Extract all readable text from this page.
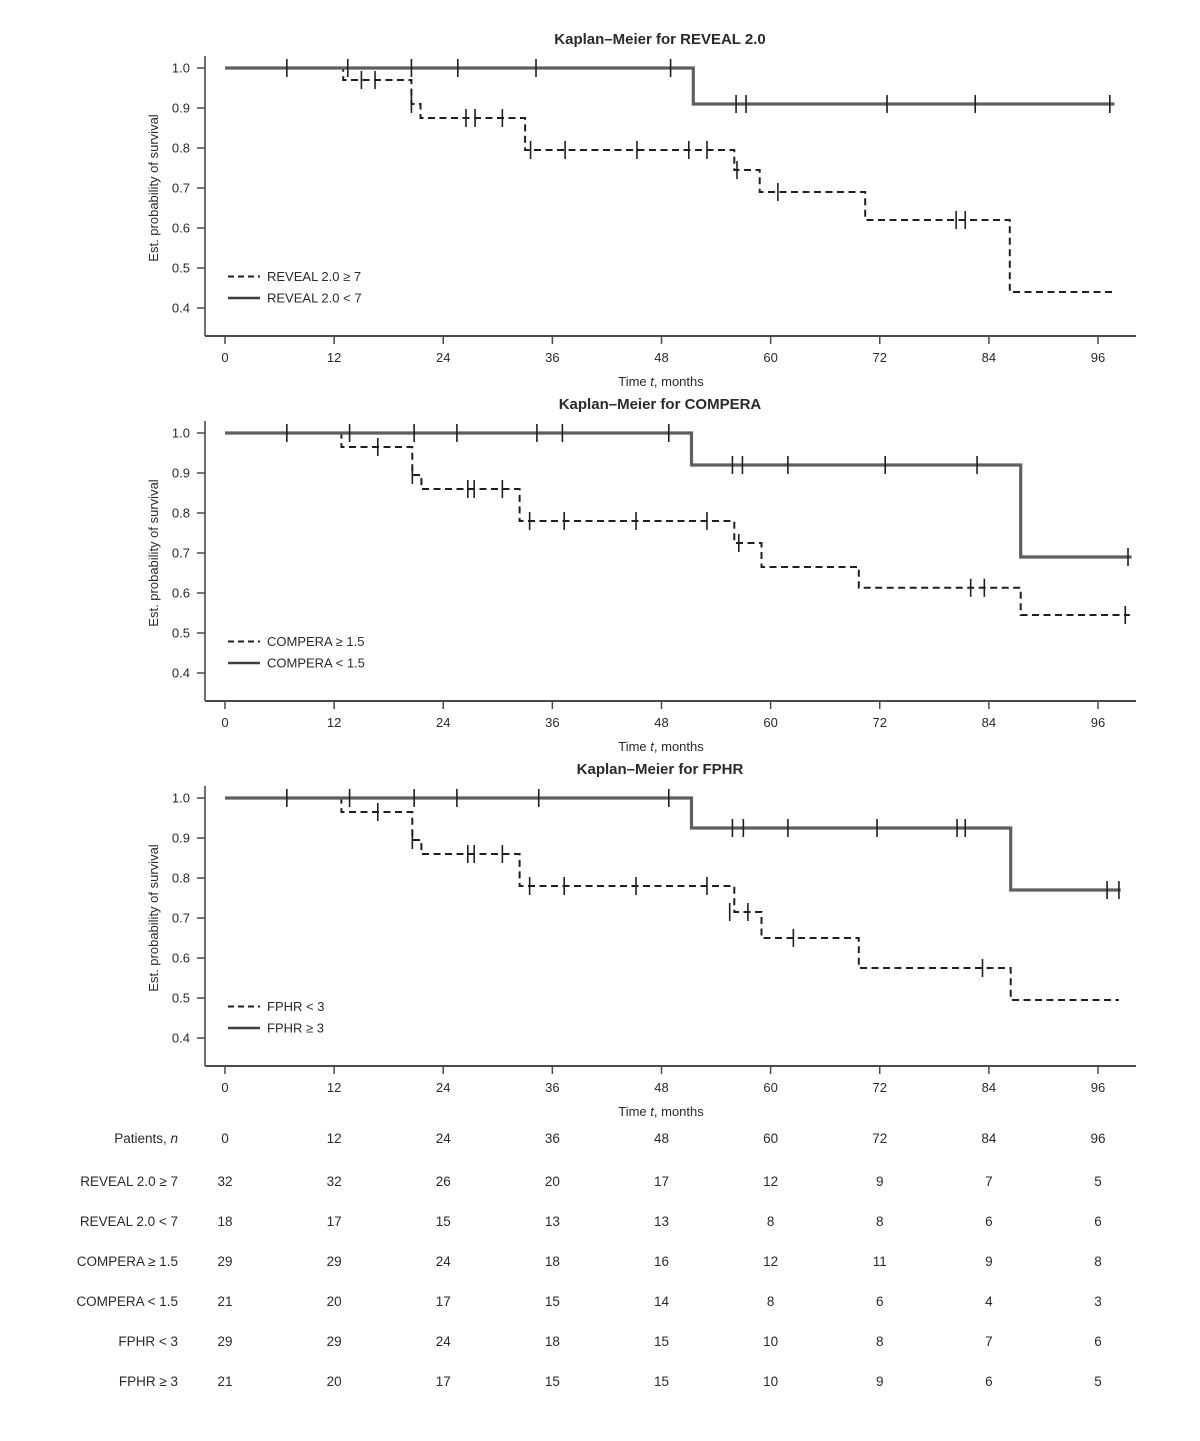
Kaplan–Meier for REVEAL 2.0
1.0
0.9
0.8
0.7
0.6
0.5
0.4
0	12	24	36	48	60	72	84	96
Time t, months
Est. probability of survival
REVEAL 2.0 ≥ 7
REVEAL 2.0 < 7
Kaplan–Meier for COMPERA
1.0
0.9
0.8
0.7
0.6
0.5
0.4
0	12	24	36	48	60	72	84	96
Time t, months
Est. probability of survival
COMPERA ≥ 1.5
COMPERA < 1.5
Kaplan–Meier for FPHR
1.0
0.9
0.8
0.7
0.6
0.5
0.4
0	12	24	36	48	60	72	84	96
Time t, months
Est. probability of survival
FPHR < 3
FPHR ≥ 3
Patients, n	0	12	24	36	48	60	72	84	96
REVEAL 2.0 ≥ 7	32	32	26	20	17	12	9	7	5
REVEAL 2.0 < 7	18	17	15	13	13	8	8	6	6
COMPERA ≥ 1.5	29	29	24	18	16	12	11	9	8
COMPERA < 1.5	21	20	17	15	14	8	6	4	3
FPHR < 3	29	29	24	18	15	10	8	7	6
FPHR ≥ 3	21	20	17	15	15	10	9	6	5
